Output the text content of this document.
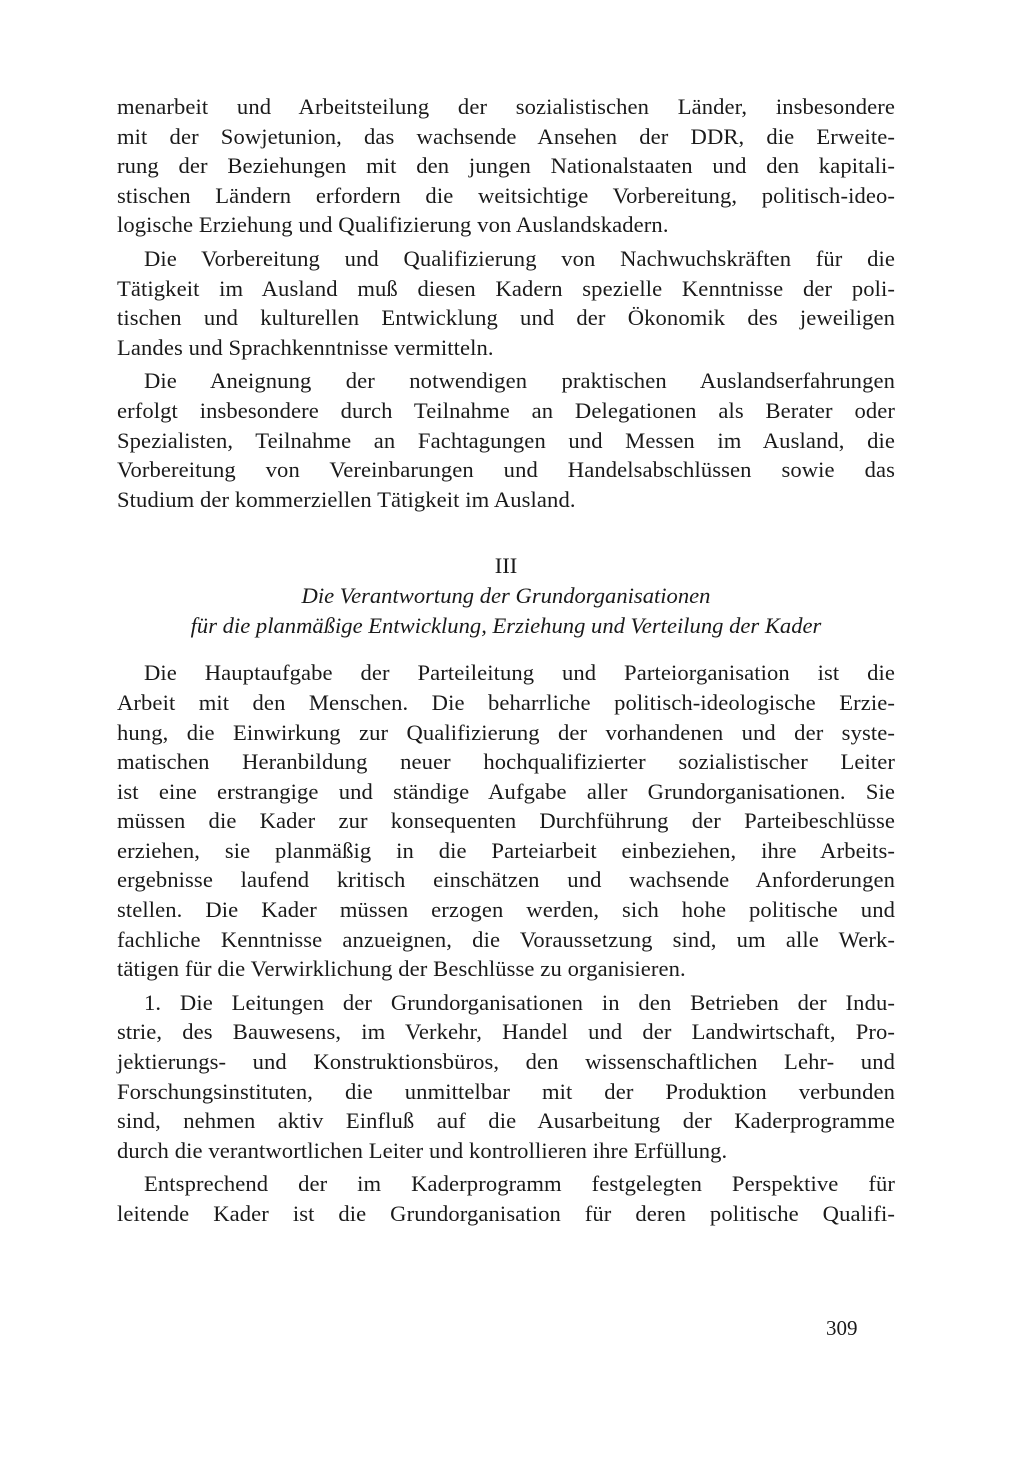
menarbeit und Arbeitsteilung der sozialistischen Länder, insbesondere
mit der Sowjetunion, das wachsende Ansehen der DDR, die Erweite-
rung der Beziehungen mit den jungen Nationalstaaten und den kapitali-
stischen Ländern erfordern die weitsichtige Vorbereitung, politisch-ideo-
logische Erziehung und Qualifizierung von Auslandskadern.
Die Vorbereitung und Qualifizierung von Nachwuchskräften für die
Tätigkeit im Ausland muß diesen Kadern spezielle Kenntnisse der poli-
tischen und kulturellen Entwicklung und der Ökonomik des jeweiligen
Landes und Sprachkenntnisse vermitteln.
Die Aneignung der notwendigen praktischen Auslandserfahrungen
erfolgt insbesondere durch Teilnahme an Delegationen als Berater oder
Spezialisten, Teilnahme an Fachtagungen und Messen im Ausland, die
Vorbereitung von Vereinbarungen und Handelsabschlüssen sowie das
Studium der kommerziellen Tätigkeit im Ausland.
III
Die Verantwortung der Grundorganisationen
für die planmäßige Entwicklung, Erziehung und Verteilung der Kader
Die Hauptaufgabe der Parteileitung und Parteiorganisation ist die
Arbeit mit den Menschen. Die beharrliche politisch-ideologische Erzie-
hung, die Einwirkung zur Qualifizierung der vorhandenen und der syste-
matischen Heranbildung neuer hochqualifizierter sozialistischer Leiter
ist eine erstrangige und ständige Aufgabe aller Grundorganisationen. Sie
müssen die Kader zur konsequenten Durchführung der Parteibeschlüsse
erziehen, sie planmäßig in die Parteiarbeit einbeziehen, ihre Arbeits-
ergebnisse laufend kritisch einschätzen und wachsende Anforderungen
stellen. Die Kader müssen erzogen werden, sich hohe politische und
fachliche Kenntnisse anzueignen, die Voraussetzung sind, um alle Werk-
tätigen für die Verwirklichung der Beschlüsse zu organisieren.
1. Die Leitungen der Grundorganisationen in den Betrieben der Indu-
strie, des Bauwesens, im Verkehr, Handel und der Landwirtschaft, Pro-
jektierungs- und Konstruktionsbüros, den wissenschaftlichen Lehr- und
Forschungsinstituten, die unmittelbar mit der Produktion verbunden
sind, nehmen aktiv Einfluß auf die Ausarbeitung der Kaderprogramme
durch die verantwortlichen Leiter und kontrollieren ihre Erfüllung.
Entsprechend der im Kaderprogramm festgelegten Perspektive für
leitende Kader ist die Grundorganisation für deren politische Qualifi-
309
